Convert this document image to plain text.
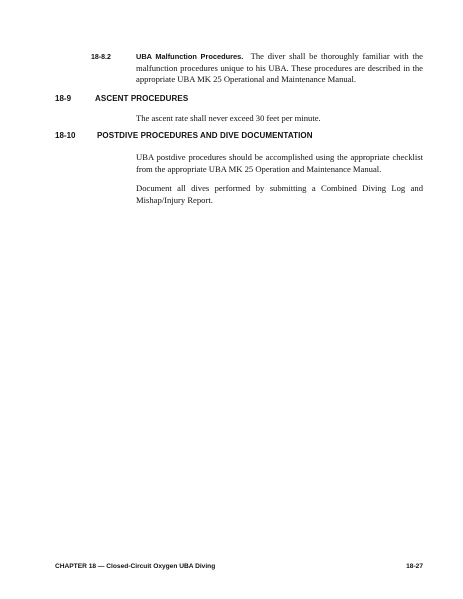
18-8.2	UBA Malfunction Procedures. The diver shall be thoroughly familiar with the malfunction procedures unique to his UBA. These procedures are described in the appropriate UBA MK 25 Operational and Maintenance Manual.
18-9	ASCENT PROCEDURES
The ascent rate shall never exceed 30 feet per minute.
18-10	POSTDIVE PROCEDURES AND DIVE DOCUMENTATION
UBA postdive procedures should be accomplished using the appropriate checklist from the appropriate UBA MK 25 Operation and Maintenance Manual.
Document all dives performed by submitting a Combined Diving Log and Mishap/Injury Report.
CHAPTER 18 — Closed-Circuit Oxygen UBA Diving	18-27
